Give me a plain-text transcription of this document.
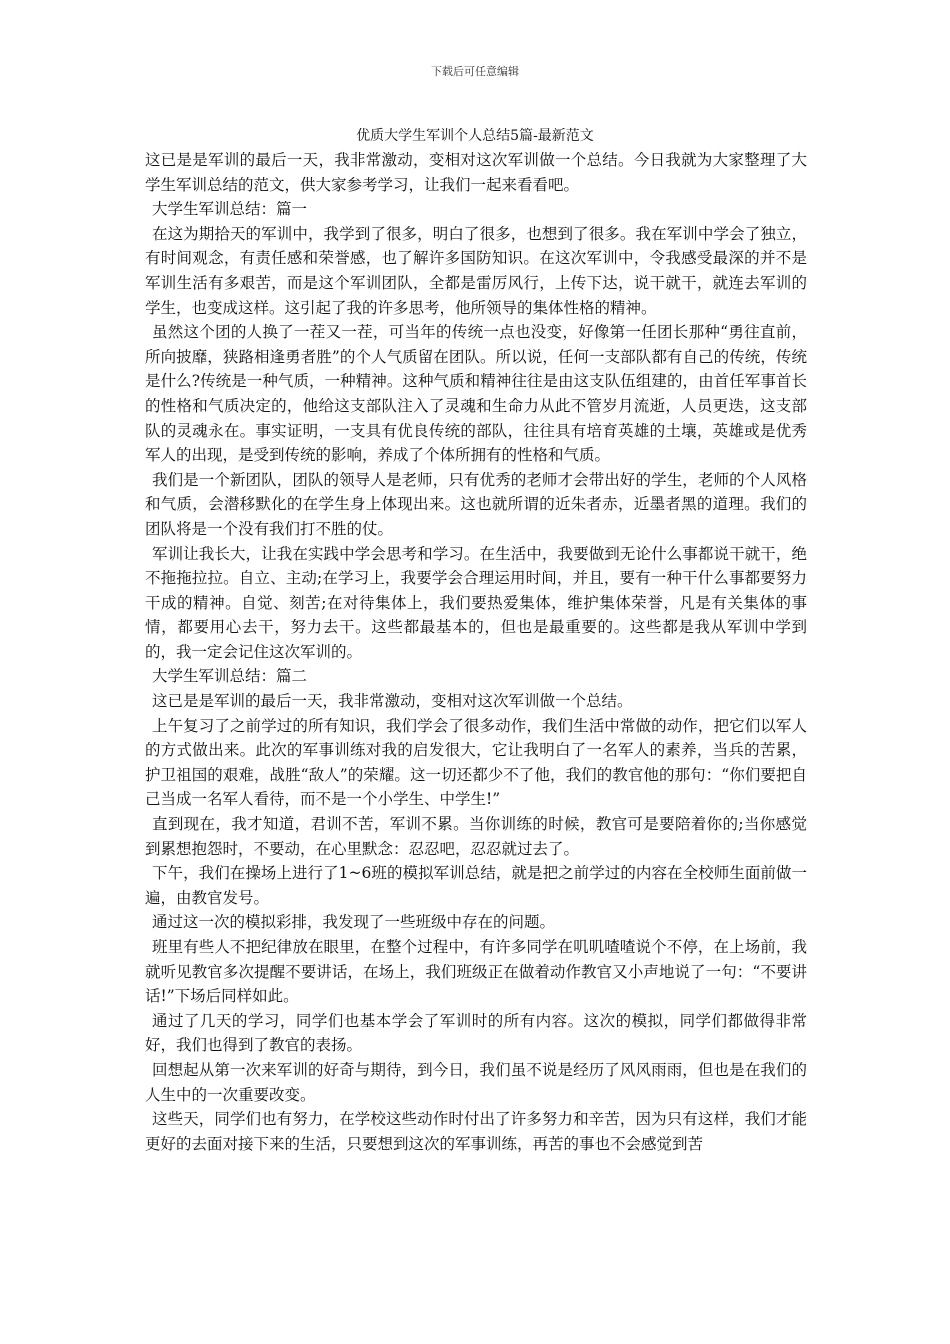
下载后可任意编辑
优质大学生军训个人总结5篇-最新范文

这已是是军训的最后一天，我非常激动，变相对这次军训做一个总结。今日我就为大家整理了大学生军训总结的范文，供大家参考学习，让我们一起来看看吧。

大学生军训总结：篇一

在这为期拾天的军训中，我学到了很多，明白了很多，也想到了很多。我在军训中学会了独立，有时间观念，有责任感和荣誉感，也了解许多国防知识。在这次军训中，令我感受最深的并不是军训生活有多艰苦，而是这个军训团队，全都是雷厉风行，上传下达，说干就干，就连去军训的学生，也变成这样。这引起了我的许多思考，他所领导的集体性格的精神。

虽然这个团的人换了一茬又一茬，可当年的传统一点也没变，好像第一任团长那种“勇往直前，所向披靡，狭路相逢勇者胜”的个人气质留在团队。所以说，任何一支部队都有自己的传统，传统是什么?传统是一种气质，一种精神。这种气质和精神往往是由这支队伍组建的，由首任军事首长的性格和气质决定的，他给这支部队注入了灵魂和生命力从此不管岁月流逝，人员更迭，这支部队的灵魂永在。事实证明，一支具有优良传统的部队，往往具有培育英雄的土壤，英雄或是优秀军人的出现，是受到传统的影响，养成了个体所拥有的性格和气质。

我们是一个新团队，团队的领导人是老师，只有优秀的老师才会带出好的学生，老师的个人风格和气质，会潜移默化的在学生身上体现出来。这也就所谓的近朱者赤，近墨者黑的道理。我们的团队将是一个没有我们打不胜的仗。

军训让我长大，让我在实践中学会思考和学习。在生活中，我要做到无论什么事都说干就干，绝不拖拖拉拉。自立、主动;在学习上，我要学会合理运用时间，并且，要有一种干什么事都要努力干成的精神。自觉、刻苦;在对待集体上，我们要热爱集体，维护集体荣誉，凡是有关集体的事情，都要用心去干，努力去干。这些都最基本的，但也是最重要的。这些都是我从军训中学到的，我一定会记住这次军训的。

大学生军训总结：篇二

这已是是军训的最后一天，我非常激动，变相对这次军训做一个总结。

上午复习了之前学过的所有知识，我们学会了很多动作，我们生活中常做的动作，把它们以军人的方式做出来。此次的军事训练对我的启发很大，它让我明白了一名军人的素养，当兵的苦累，护卫祖国的艰难，战胜“敌人”的荣耀。这一切还都少不了他，我们的教官他的那句：“你们要把自己当成一名军人看待，而不是一个小学生、中学生!”

直到现在，我才知道，君训不苦，军训不累。当你训练的时候，教官可是要陪着你的;当你感觉到累想抱怨时，不要动，在心里默念：忍忍吧，忍忍就过去了。

下午，我们在操场上进行了1~6班的模拟军训总结，就是把之前学过的内容在全校师生面前做一遍，由教官发号。

通过这一次的模拟彩排，我发现了一些班级中存在的问题。

班里有些人不把纪律放在眼里，在整个过程中，有许多同学在叽叽喳喳说个不停，在上场前，我就听见教官多次提醒不要讲话，在场上，我们班级正在做着动作教官又小声地说了一句：“不要讲话!”下场后同样如此。

通过了几天的学习，同学们也基本学会了军训时的所有内容。这次的模拟，同学们都做得非常好，我们也得到了教官的表扬。

回想起从第一次来军训的好奇与期待，到今日，我们虽不说是经历了风风雨雨，但也是在我们的人生中的一次重要改变。

这些天，同学们也有努力，在学校这些动作时付出了许多努力和辛苦，因为只有这样，我们才能更好的去面对接下来的生活，只要想到这次的军事训练，再苦的事也不会感觉到苦
